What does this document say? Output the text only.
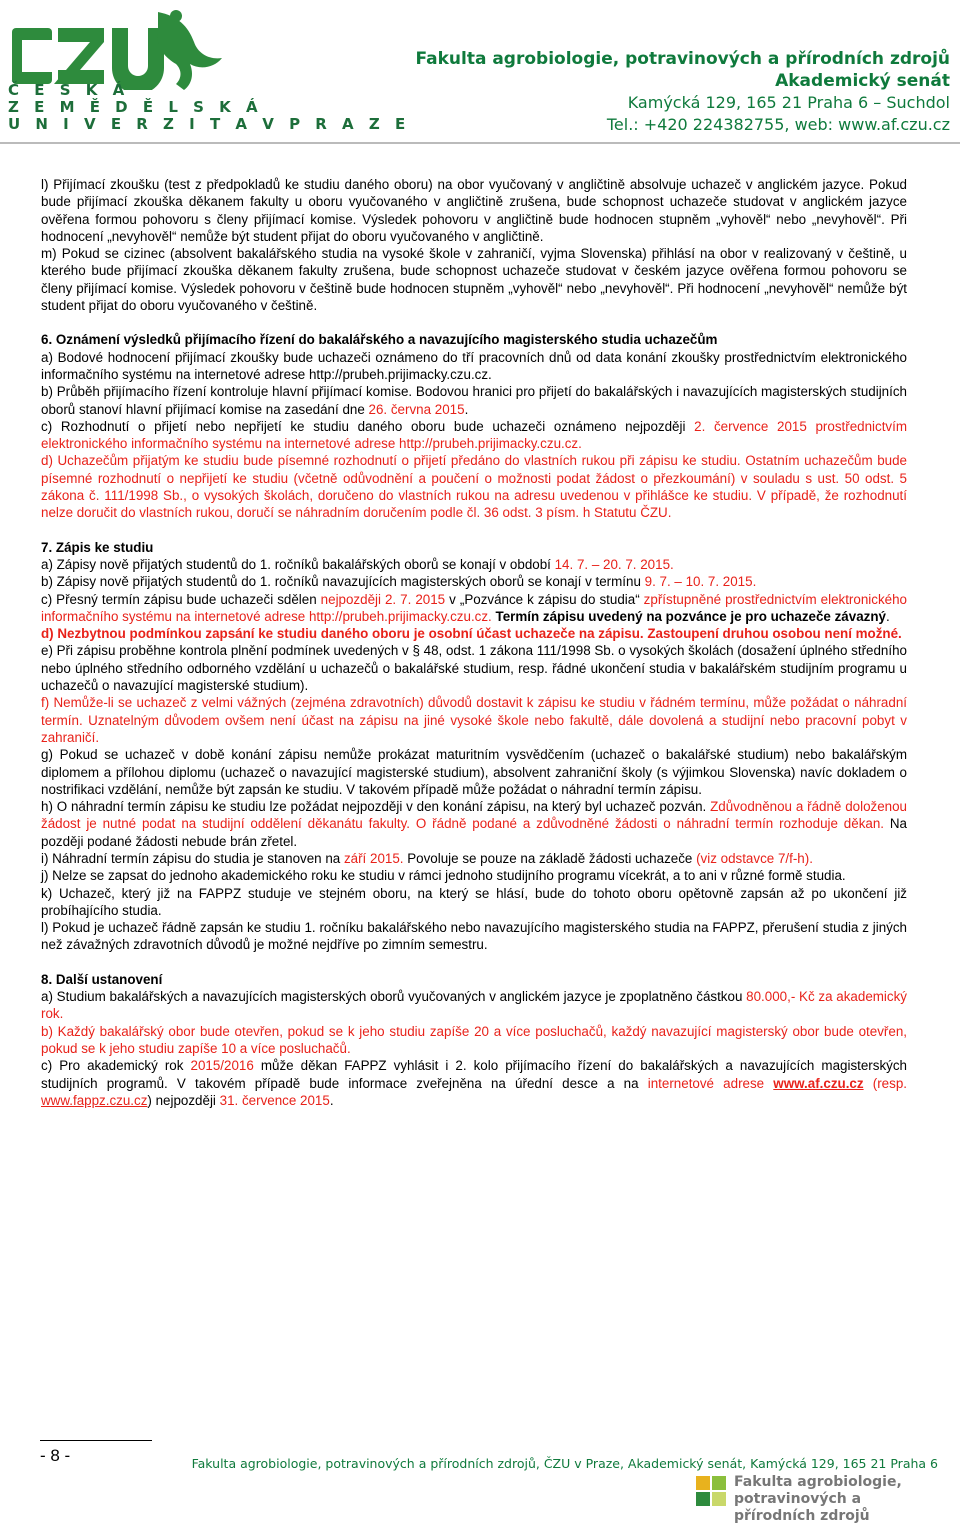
Č E S K Á
Z E M Ě D Ě L S K Á
U N I V E R Z I T A V P R A Z E
Fakulta agrobiologie, potravinových a přírodních zdrojů
Akademický senát
Kamýcká 129, 165 21 Praha 6 – Suchdol
Tel.: +420 224382755, web: www.af.czu.cz

l) Přijímací zkoušku (test z předpokladů ke studiu daného oboru) na obor vyučovaný v angličtině absolvuje uchazeč v anglickém jazyce. Pokud bude přijímací zkouška děkanem fakulty u oboru vyučovaného v angličtině zrušena, bude schopnost uchazeče studovat v anglickém jazyce ověřena formou pohovoru s členy přijímací komise. Výsledek pohovoru v angličtině bude hodnocen stupněm „vyhověl“ nebo „nevyhověl“. Při hodnocení „nevyhověl“ nemůže být student přijat do oboru vyučovaného v angličtině.

m) Pokud se cizinec (absolvent bakalářského studia na vysoké škole v zahraničí, vyjma Slovenska) přihlásí na obor v realizovaný v češtině, u kterého bude přijímací zkouška děkanem fakulty zrušena, bude schopnost uchazeče studovat v českém jazyce ověřena formou pohovoru se členy přijímací komise. Výsledek pohovoru v češtině bude hodnocen stupněm „vyhověl“ nebo „nevyhověl“. Při hodnocení „nevyhověl“ nemůže být student přijat do oboru vyučovaného v češtině.

6. Oznámení výsledků přijímacího řízení do bakalářského a navazujícího magisterského studia uchazečům

a) Bodové hodnocení přijímací zkoušky bude uchazeči oznámeno do tří pracovních dnů od data konání zkoušky prostřednictvím elektronického informačního systému na internetové adrese http://prubeh.prijimacky.czu.cz.

b) Průběh přijímacího řízení kontroluje hlavní přijímací komise. Bodovou hranici pro přijetí do bakalářských i navazujících magisterských studijních oborů stanoví hlavní přijímací komise na zasedání dne 26. června 2015.

c) Rozhodnutí o přijetí nebo nepřijetí ke studiu daného oboru bude uchazeči oznámeno nejpozději 2. července 2015 prostřednictvím elektronického informačního systému na internetové adrese http://prubeh.prijimacky.czu.cz.

d) Uchazečům přijatým ke studiu bude písemné rozhodnutí o přijetí předáno do vlastních rukou při zápisu ke studiu. Ostatním uchazečům bude písemné rozhodnutí o nepřijetí ke studiu (včetně odůvodnění a poučení o možnosti podat žádost o přezkoumání) v souladu s ust. 50 odst. 5 zákona č. 111/1998 Sb., o vysokých školách, doručeno do vlastních rukou na adresu uvedenou v přihlášce ke studiu. V případě, že rozhodnutí nelze doručit do vlastních rukou, doručí se náhradním doručením podle čl. 36 odst. 3 písm. h Statutu ČZU.

7. Zápis ke studiu

a) Zápisy nově přijatých studentů do 1. ročníků bakalářských oborů se konají v období 14. 7. – 20. 7. 2015.

b) Zápisy nově přijatých studentů do 1. ročníků navazujících magisterských oborů se konají v termínu 9. 7. – 10. 7. 2015.

c) Přesný termín zápisu bude uchazeči sdělen nejpozději 2. 7. 2015 v „Pozvánce k zápisu do studia“ zpřístupněné prostřednictvím elektronického informačního systému na internetové adrese http://prubeh.prijimacky.czu.cz. Termín zápisu uvedený na pozvánce je pro uchazeče závazný.

d) Nezbytnou podmínkou zapsání ke studiu daného oboru je osobní účast uchazeče na zápisu. Zastoupení druhou osobou není možné.

e) Při zápisu proběhne kontrola plnění podmínek uvedených v § 48, odst. 1 zákona 111/1998 Sb. o vysokých školách (dosažení úplného středního nebo úplného středního odborného vzdělání u uchazečů o bakalářské studium, resp. řádné ukončení studia v bakalářském studijním programu u uchazečů o navazující magisterské studium).

f) Nemůže-li se uchazeč z velmi vážných (zejména zdravotních) důvodů dostavit k zápisu ke studiu v řádném termínu, může požádat o náhradní termín. Uznatelným důvodem ovšem není účast na zápisu na jiné vysoké škole nebo fakultě, dále dovolená a studijní nebo pracovní pobyt v zahraničí.

g) Pokud se uchazeč v době konání zápisu nemůže prokázat maturitním vysvědčením (uchazeč o bakalářské studium) nebo bakalářským diplomem a přílohou diplomu (uchazeč o navazující magisterské studium), absolvent zahraniční školy (s výjimkou Slovenska) navíc dokladem o nostrifikaci vzdělání, nemůže být zapsán ke studiu. V takovém případě může požádat o náhradní termín zápisu.

h) O náhradní termín zápisu ke studiu lze požádat nejpozději v den konání zápisu, na který byl uchazeč pozván. Zdůvodněnou a řádně doloženou žádost je nutné podat na studijní oddělení děkanátu fakulty. O řádně podané a zdůvodněné žádosti o náhradní termín rozhoduje děkan. Na později podané žádosti nebude brán zřetel.

i) Náhradní termín zápisu do studia je stanoven na září 2015. Povoluje se pouze na základě žádosti uchazeče (viz odstavce 7/f-h).

j) Nelze se zapsat do jednoho akademického roku ke studiu v rámci jednoho studijního programu vícekrát, a to ani v různé formě studia.

k) Uchazeč, který již na FAPPZ studuje ve stejném oboru, na který se hlásí, bude do tohoto oboru opětovně zapsán až po ukončení již probíhajícího studia.

l) Pokud je uchazeč řádně zapsán ke studiu 1. ročníku bakalářského nebo navazujícího magisterského studia na FAPPZ, přerušení studia z jiných než závažných zdravotních důvodů je možné nejdříve po zimním semestru.

8. Další ustanovení

a) Studium bakalářských a navazujících magisterských oborů vyučovaných v anglickém jazyce je zpoplatněno částkou 80.000,- Kč za akademický rok.

b) Každý bakalářský obor bude otevřen, pokud se k jeho studiu zapíše 20 a více posluchačů, každý navazující magisterský obor bude otevřen, pokud se k jeho studiu zapíše 10 a více posluchačů.

c) Pro akademický rok 2015/2016 může děkan FAPPZ vyhlásit i 2. kolo přijímacího řízení do bakalářských a navazujících magisterských studijních programů. V takovém případě bude informace zveřejněna na úřední desce a na internetové adrese www.af.czu.cz (resp. www.fappz.czu.cz) nejpozději 31. července 2015.

- 8 -	Fakulta agrobiologie, potravinových a přírodních zdrojů, ČZU v Praze, Akademický senát, Kamýcká 129, 165 21 Praha 6
Fakulta agrobiologie,
potravinových a přírodních zdrojů
